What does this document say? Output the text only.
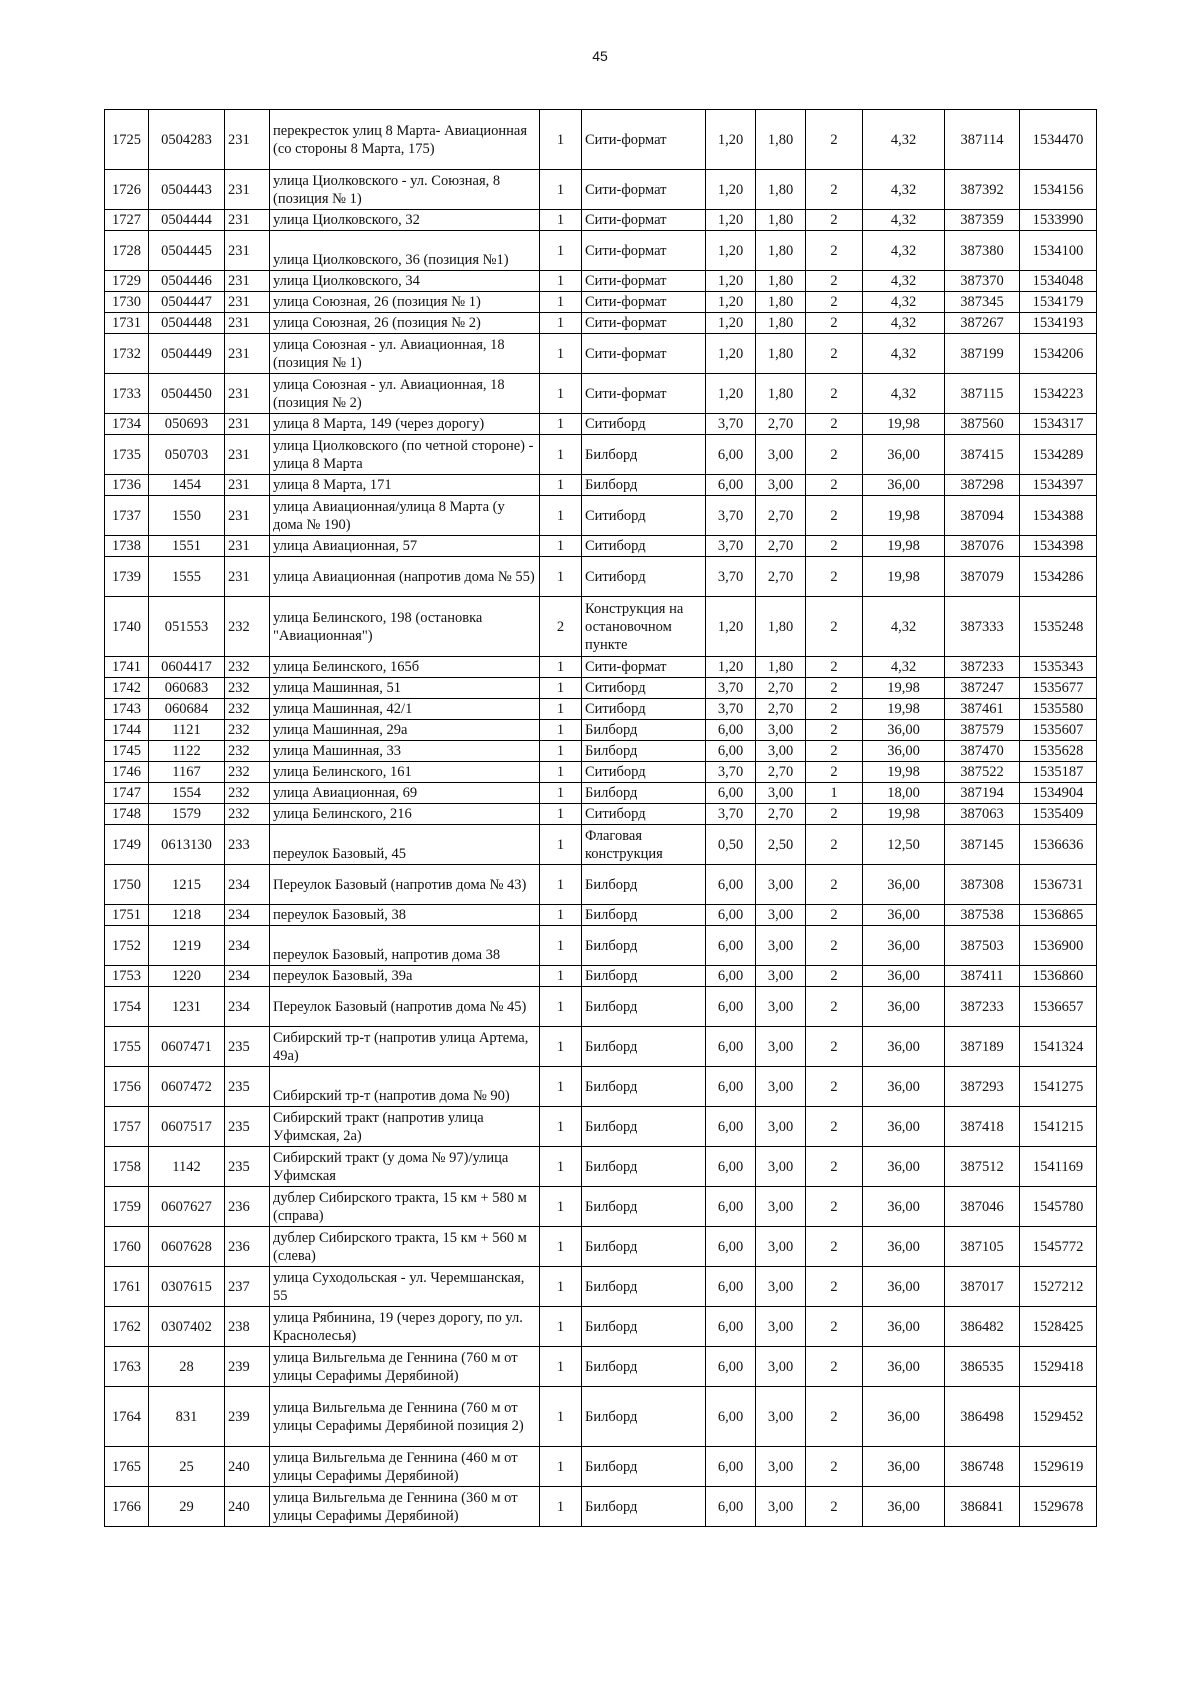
45
1725	0504283	231	перекресток улиц 8 Марта- Авиационная (со стороны 8 Марта, 175)	1	Сити-формат	1,20	1,80	2	4,32	387114	1534470
1726	0504443	231	улица Циолковского - ул. Союзная, 8 (позиция № 1)	1	Сити-формат	1,20	1,80	2	4,32	387392	1534156
1727	0504444	231	улица Циолковского, 32	1	Сити-формат	1,20	1,80	2	4,32	387359	1533990
1728	0504445	231	улица Циолковского, 36 (позиция №1)	1	Сити-формат	1,20	1,80	2	4,32	387380	1534100
1729	0504446	231	улица Циолковского, 34	1	Сити-формат	1,20	1,80	2	4,32	387370	1534048
1730	0504447	231	улица Союзная, 26 (позиция № 1)	1	Сити-формат	1,20	1,80	2	4,32	387345	1534179
1731	0504448	231	улица Союзная, 26 (позиция № 2)	1	Сити-формат	1,20	1,80	2	4,32	387267	1534193
1732	0504449	231	улица Союзная - ул. Авиационная, 18 (позиция № 1)	1	Сити-формат	1,20	1,80	2	4,32	387199	1534206
1733	0504450	231	улица Союзная - ул. Авиационная, 18 (позиция № 2)	1	Сити-формат	1,20	1,80	2	4,32	387115	1534223
1734	050693	231	улица 8 Марта, 149 (через дорогу)	1	Ситиборд	3,70	2,70	2	19,98	387560	1534317
1735	050703	231	улица Циолковского (по четной стороне) - улица 8 Марта	1	Билборд	6,00	3,00	2	36,00	387415	1534289
1736	1454	231	улица 8 Марта, 171	1	Билборд	6,00	3,00	2	36,00	387298	1534397
1737	1550	231	улица Авиационная/улица 8 Марта (у дома № 190)	1	Ситиборд	3,70	2,70	2	19,98	387094	1534388
1738	1551	231	улица Авиационная, 57	1	Ситиборд	3,70	2,70	2	19,98	387076	1534398
1739	1555	231	улица Авиационная (напротив дома № 55)	1	Ситиборд	3,70	2,70	2	19,98	387079	1534286
1740	051553	232	улица Белинского, 198 (остановка "Авиационная")	2	Конструкция на остановочном пункте	1,20	1,80	2	4,32	387333	1535248
1741	0604417	232	улица Белинского, 165б	1	Сити-формат	1,20	1,80	2	4,32	387233	1535343
1742	060683	232	улица Машинная, 51	1	Ситиборд	3,70	2,70	2	19,98	387247	1535677
1743	060684	232	улица Машинная, 42/1	1	Ситиборд	3,70	2,70	2	19,98	387461	1535580
1744	1121	232	улица Машинная, 29а	1	Билборд	6,00	3,00	2	36,00	387579	1535607
1745	1122	232	улица Машинная, 33	1	Билборд	6,00	3,00	2	36,00	387470	1535628
1746	1167	232	улица Белинского, 161	1	Ситиборд	3,70	2,70	2	19,98	387522	1535187
1747	1554	232	улица Авиационная, 69	1	Билборд	6,00	3,00	1	18,00	387194	1534904
1748	1579	232	улица Белинского, 216	1	Ситиборд	3,70	2,70	2	19,98	387063	1535409
1749	0613130	233	переулок Базовый, 45	1	Флаговая конструкция	0,50	2,50	2	12,50	387145	1536636
1750	1215	234	Переулок Базовый (напротив дома № 43)	1	Билборд	6,00	3,00	2	36,00	387308	1536731
1751	1218	234	переулок Базовый, 38	1	Билборд	6,00	3,00	2	36,00	387538	1536865
1752	1219	234	переулок Базовый, напротив дома 38	1	Билборд	6,00	3,00	2	36,00	387503	1536900
1753	1220	234	переулок Базовый, 39а	1	Билборд	6,00	3,00	2	36,00	387411	1536860
1754	1231	234	Переулок Базовый (напротив дома № 45)	1	Билборд	6,00	3,00	2	36,00	387233	1536657
1755	0607471	235	Сибирский тр-т (напротив улица Артема, 49а)	1	Билборд	6,00	3,00	2	36,00	387189	1541324
1756	0607472	235	Сибирский тр-т (напротив дома № 90)	1	Билборд	6,00	3,00	2	36,00	387293	1541275
1757	0607517	235	Сибирский тракт (напротив улица Уфимская, 2а)	1	Билборд	6,00	3,00	2	36,00	387418	1541215
1758	1142	235	Сибирский тракт (у дома № 97)/улица Уфимская	1	Билборд	6,00	3,00	2	36,00	387512	1541169
1759	0607627	236	дублер Сибирского тракта, 15 км + 580 м (справа)	1	Билборд	6,00	3,00	2	36,00	387046	1545780
1760	0607628	236	дублер Сибирского тракта, 15 км + 560 м (слева)	1	Билборд	6,00	3,00	2	36,00	387105	1545772
1761	0307615	237	улица Суходольская - ул. Черемшанская, 55	1	Билборд	6,00	3,00	2	36,00	387017	1527212
1762	0307402	238	улица Рябинина, 19 (через дорогу, по ул. Краснолесья)	1	Билборд	6,00	3,00	2	36,00	386482	1528425
1763	28	239	улица Вильгельма де Геннина (760 м от улицы Серафимы Дерябиной)	1	Билборд	6,00	3,00	2	36,00	386535	1529418
1764	831	239	улица Вильгельма де Геннина (760 м от улицы Серафимы Дерябиной позиция 2)	1	Билборд	6,00	3,00	2	36,00	386498	1529452
1765	25	240	улица Вильгельма де Геннина (460 м от улицы Серафимы Дерябиной)	1	Билборд	6,00	3,00	2	36,00	386748	1529619
1766	29	240	улица Вильгельма де Геннина (360 м от улицы Серафимы Дерябиной)	1	Билборд	6,00	3,00	2	36,00	386841	1529678
